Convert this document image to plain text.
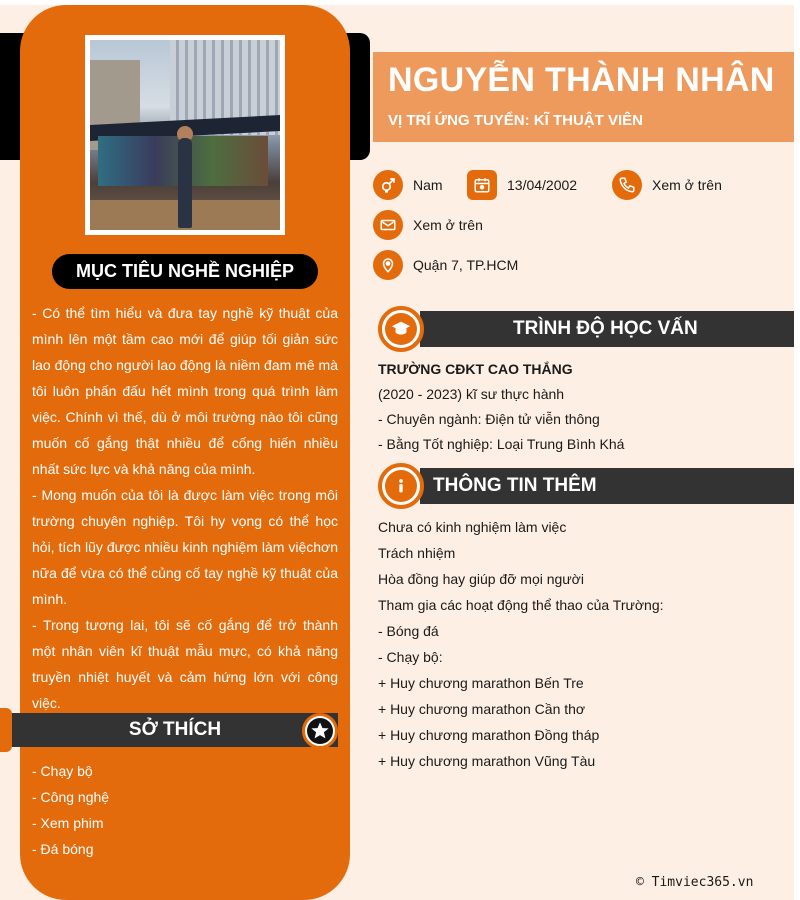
MỤC TIÊU NGHỀ NGHIỆP

- Có thể tìm hiểu và đưa tay nghề kỹ thuật của mình lên một tầm cao mới để giúp tối giản sức lao động cho người lao động là niềm đam mê mà tôi luôn phấn đấu hết mình trong quá trình làm việc. Chính vì thế, dù ở môi trường nào tôi cũng muốn cố gắng thật nhiều để cống hiến nhiều nhất sức lực và khả năng của mình.

- Mong muốn của tôi là được làm việc trong môi trường chuyên nghiệp. Tôi hy vọng có thể học hỏi, tích lũy được nhiều kinh nghiệm làm việchơn nữa để vừa có thể củng cố tay nghề kỹ thuật của mình.

- Trong tương lai, tôi sẽ cố gắng để trở thành một nhân viên kĩ thuật mẫu mực, có khả năng truyền nhiệt huyết và cảm hứng lớn với công việc.

SỞ THÍCH
- Chạy bộ
- Công nghệ
- Xem phim
- Đá bóng
NGUYỄN THÀNH NHÂN
VỊ TRÍ ỨNG TUYỂN: KĨ THUẬT VIÊN
Nam	13/04/2002	Xem ở trên
Xem ở trên
Quận 7, TP.HCM
TRÌNH ĐỘ HỌC VẤN
TRƯỜNG CĐKT CAO THẮNG
(2020 - 2023) kĩ sư thực hành
- Chuyên ngành: Điện tử viễn thông
- Bằng Tốt nghiệp: Loại Trung Bình Khá
THÔNG TIN THÊM
Chưa có kinh nghiệm làm việc
Trách nhiệm
Hòa đồng hay giúp đỡ mọi người
Tham gia các hoạt động thể thao của Trường:
- Bóng đá
- Chạy bộ:
+ Huy chương marathon Bến Tre
+ Huy chương marathon Cần thơ
+ Huy chương marathon Đồng tháp
+ Huy chương marathon Vũng Tàu
© Timviec365.vn
